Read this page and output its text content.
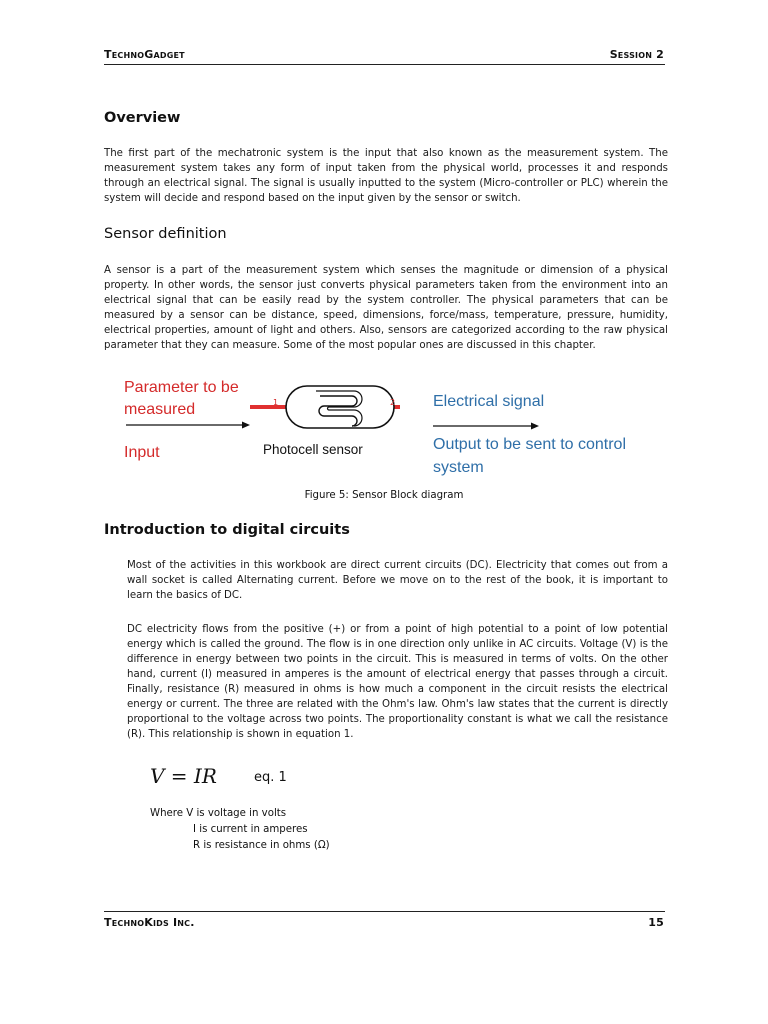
TechnoGadget	Session 2
Overview

The first part of the mechatronic system is the input that also known as the measurement system. The measurement system takes any form of input taken from the physical world, processes it and responds through an electrical signal. The signal is usually inputted to the system (Micro-controller or PLC) wherein the system will decide and respond based on the input given by the sensor or switch.

Sensor definition

A sensor is a part of the measurement system which senses the magnitude or dimension of a physical property. In other words, the sensor just converts physical parameters taken from the environment into an electrical signal that can be easily read by the system controller. The physical parameters that can be measured by a sensor can be distance, speed, dimensions, force/mass, temperature, pressure, humidity, electrical properties, amount of light and others. Also, sensors are categorized according to the raw physical parameter that they can measure. Some of the most popular ones are discussed in this chapter.

Parameter to be
measured
Input
1	2
Photocell sensor
Electrical signal
Output to be sent to control
system
Figure 5: Sensor Block diagram
Introduction to digital circuits

Most of the activities in this workbook are direct current circuits (DC). Electricity that comes out from a wall socket is called Alternating current. Before we move on to the rest of the book, it is important to learn the basics of DC.

DC electricity flows from the positive (+) or from a point of high potential to a point of low potential energy which is called the ground. The flow is in one direction only unlike in AC circuits. Voltage (V) is the difference in energy between two points in the circuit. This is measured in terms of volts. On the other hand, current (I) measured in amperes is the amount of electrical energy that passes through a circuit. Finally, resistance (R) measured in ohms is how much a component in the circuit resists the electrical energy or current. The three are related with the Ohm's law. Ohm's law states that the current is directly proportional to the voltage across two points. The proportionality constant is what we call the resistance (R). This relationship is shown in equation 1.

V = IR	eq. 1
Where V is voltage in volts
I is current in amperes
R is resistance in ohms (Ω)
TechnoKids Inc.	15
